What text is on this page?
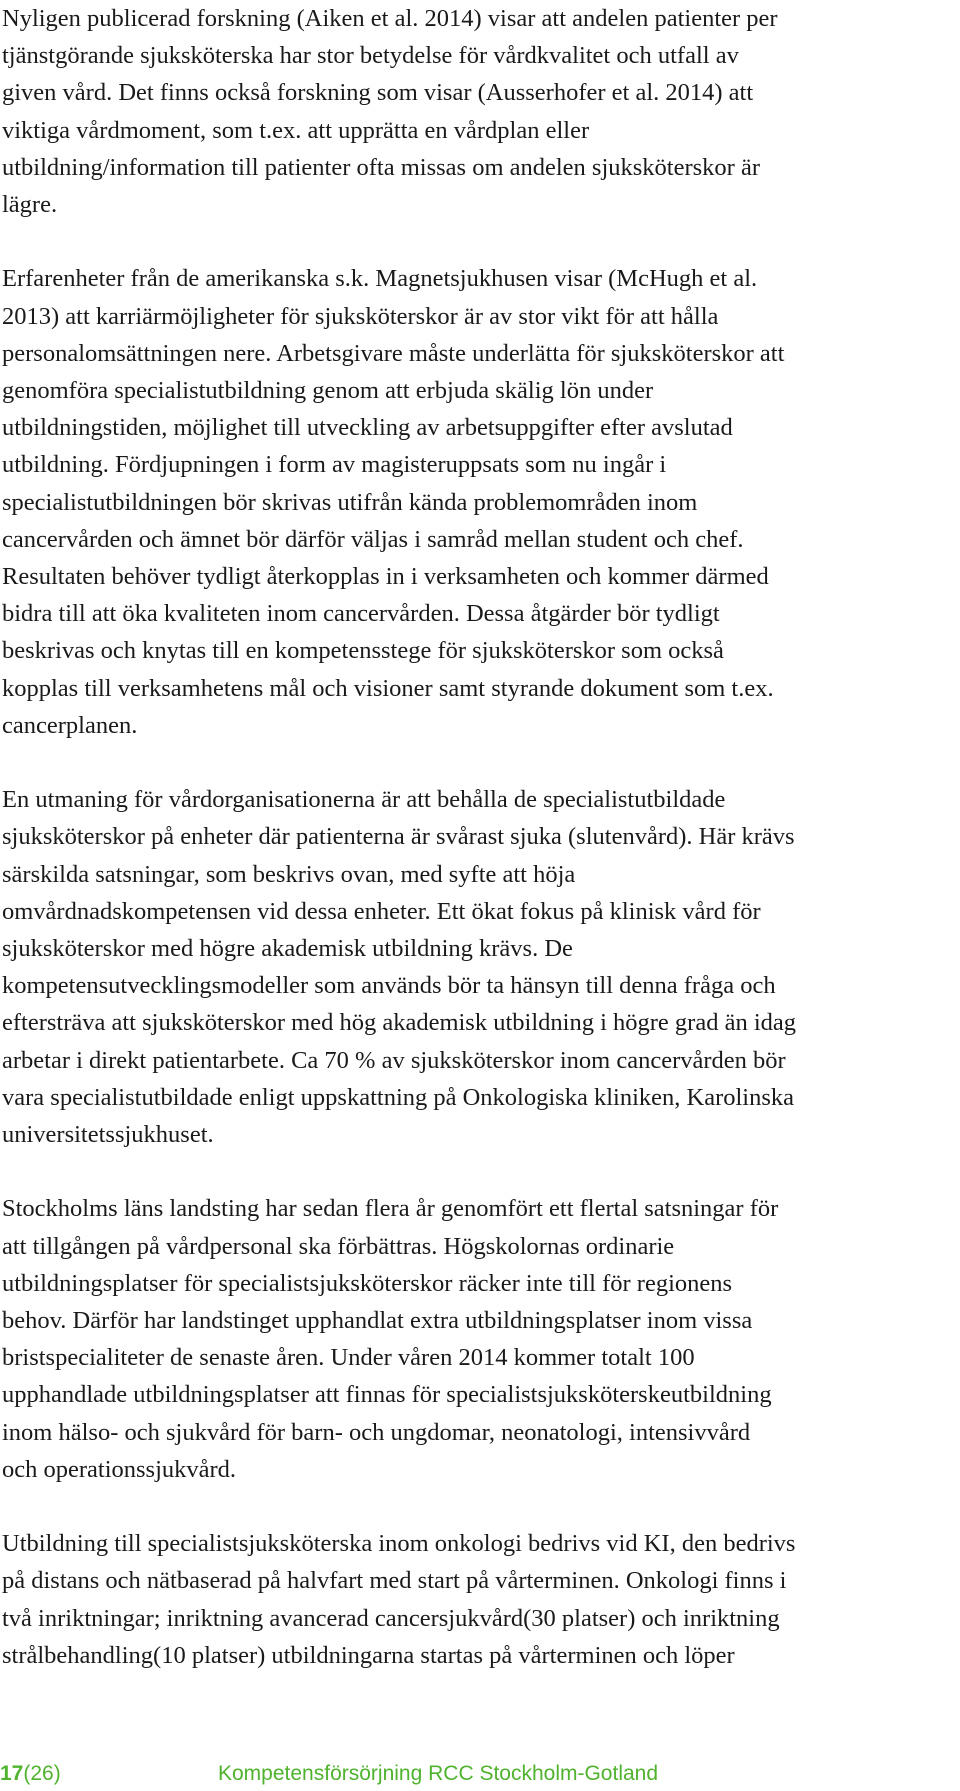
Nyligen publicerad forskning (Aiken et al. 2014) visar att andelen patienter per
tjänstgörande sjuksköterska har stor betydelse för vårdkvalitet och utfall av
given vård. Det finns också forskning som visar (Ausserhofer et al. 2014) att
viktiga vårdmoment, som t.ex. att upprätta en vårdplan eller
utbildning/information till patienter ofta missas om andelen sjuksköterskor är
lägre.

Erfarenheter från de amerikanska s.k. Magnetsjukhusen visar (McHugh et al.
2013) att karriärmöjligheter för sjuksköterskor är av stor vikt för att hålla
personalomsättningen nere. Arbetsgivare måste underlätta för sjuksköterskor att
genomföra specialistutbildning genom att erbjuda skälig lön under
utbildningstiden, möjlighet till utveckling av arbetsuppgifter efter avslutad
utbildning. Fördjupningen i form av magisteruppsats som nu ingår i
specialistutbildningen bör skrivas utifrån kända problemområden inom
cancervården och ämnet bör därför väljas i samråd mellan student och chef.
Resultaten behöver tydligt återkopplas in i verksamheten och kommer därmed
bidra till att öka kvaliteten inom cancervården. Dessa åtgärder bör tydligt
beskrivas och knytas till en kompetensstege för sjuksköterskor som också
kopplas till verksamhetens mål och visioner samt styrande dokument som t.ex.
cancerplanen.

En utmaning för vårdorganisationerna är att behålla de specialistutbildade
sjuksköterskor på enheter där patienterna är svårast sjuka (slutenvård). Här krävs
särskilda satsningar, som beskrivs ovan, med syfte att höja
omvårdnadskompetensen vid dessa enheter. Ett ökat fokus på klinisk vård för
sjuksköterskor med högre akademisk utbildning krävs. De
kompetensutvecklingsmodeller som används bör ta hänsyn till denna fråga och
eftersträva att sjuksköterskor med hög akademisk utbildning i högre grad än idag
arbetar i direkt patientarbete. Ca 70 % av sjuksköterskor inom cancervården bör
vara specialistutbildade enligt uppskattning på Onkologiska kliniken, Karolinska
universitetssjukhuset.

Stockholms läns landsting har sedan flera år genomfört ett flertal satsningar för
att tillgången på vårdpersonal ska förbättras. Högskolornas ordinarie
utbildningsplatser för specialistsjuksköterskor räcker inte till för regionens
behov. Därför har landstinget upphandlat extra utbildningsplatser inom vissa
bristspecialiteter de senaste åren. Under våren 2014 kommer totalt 100
upphandlade utbildningsplatser att finnas för specialistsjuksköterskeutbildning
inom hälso- och sjukvård för barn- och ungdomar, neonatologi, intensivvård
och operationssjukvård.

Utbildning till specialistsjuksköterska inom onkologi bedrivs vid KI, den bedrivs
på distans och nätbaserad på halvfart med start på vårterminen. Onkologi finns i
två inriktningar; inriktning avancerad cancersjukvård(30 platser) och inriktning
strålbehandling(10 platser) utbildningarna startas på vårterminen och löper

17(26)	Kompetensförsörjning RCC Stockholm-Gotland
